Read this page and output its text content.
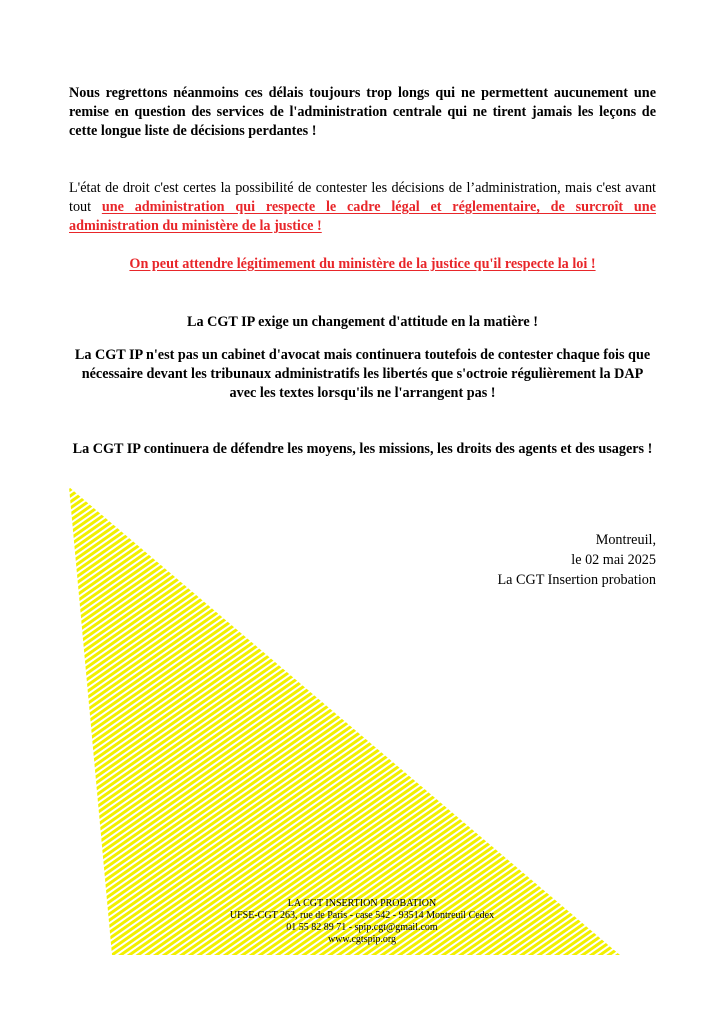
Nous regrettons néanmoins ces délais toujours trop longs qui ne permettent aucunement une remise en question des services de l'administration centrale qui ne tirent jamais les leçons de cette longue liste de décisions perdantes !

L'état de droit c'est certes la possibilité de contester les décisions de l’administration, mais c'est avant tout une administration qui respecte le cadre légal et réglementaire, de surcroît une administration du ministère de la justice !

On peut attendre légitimement du ministère de la justice qu'il respecte la loi !

La CGT IP exige un changement d'attitude en la matière !

La CGT IP n'est pas un cabinet d'avocat mais continuera toutefois de contester chaque fois que nécessaire devant les tribunaux administratifs les libertés que s'octroie régulièrement la DAP avec les textes lorsqu'ils ne l'arrangent pas !

La CGT IP continuera de défendre les moyens, les missions, les droits des agents et des usagers !

Montreuil,
le 02 mai 2025
La CGT Insertion probation
LA CGT INSERTION PROBATION
UFSE-CGT 263, rue de Paris - case 542 - 93514 Montreuil Cedex
01 55 82 89 71 - spip.cgt@gmail.com
www.cgtspip.org
